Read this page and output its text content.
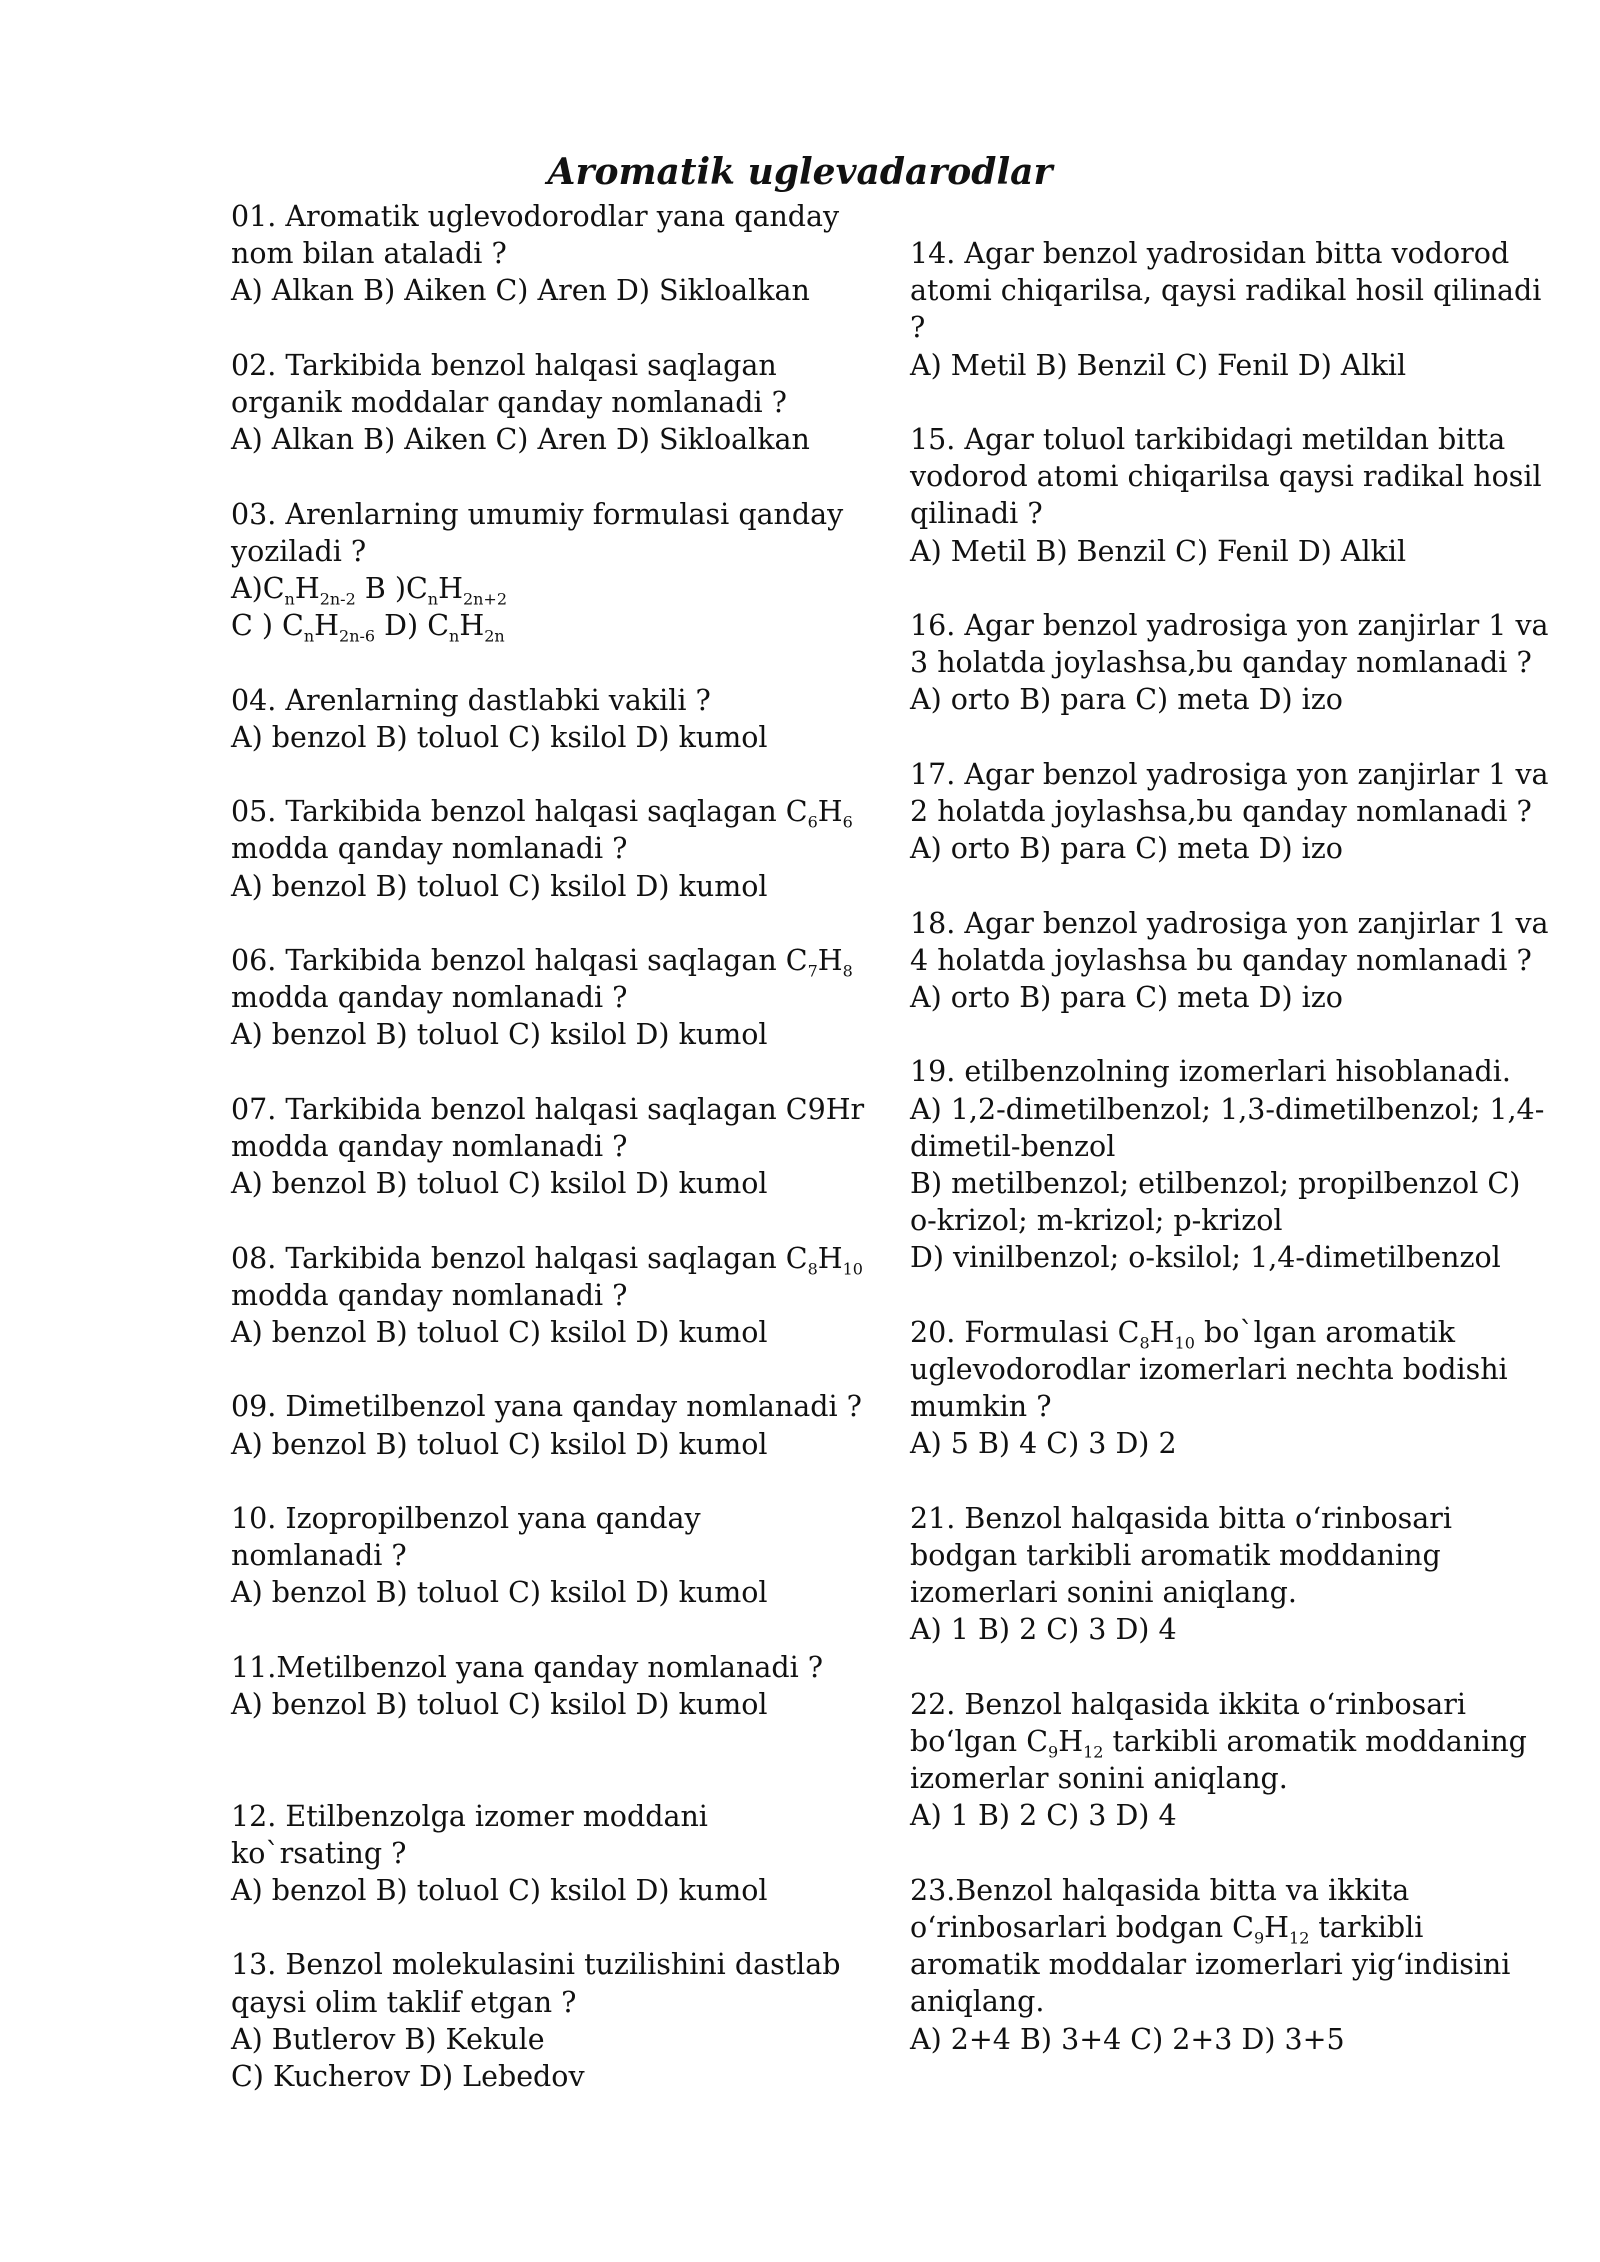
Aromatik uglevadarodlar
01. Aromatik uglevodorodlar yana qanday
nom bilan ataladi ?
A) Alkan B) Aiken C) Aren D) Sikloalkan
02. Tarkibida benzol halqasi saqlagan
organik moddalar qanday nomlanadi ?
A) Alkan B) Aiken C) Aren D) Sikloalkan
03. Arenlarning umumiy formulasi qanday
yoziladi ?
$A)C_nH_{2n-2}$ B )$C_nH_{2n+2}$
C ) $C_nH_{2n-6}$ D) $C_nH_{2n}$
04. Arenlarning dastlabki vakili ?
A) benzol B) toluol C) ksilol D) kumol
05. Tarkibida benzol halqasi saqlagan $C_6H_6$
modda qanday nomlanadi ?
A) benzol B) toluol C) ksilol D) kumol
06. Tarkibida benzol halqasi saqlagan $C_7H_8$
modda qanday nomlanadi ?
A) benzol B) toluol C) ksilol D) kumol
07. Tarkibida benzol halqasi saqlagan C9Hr
modda qanday nomlanadi ?
A) benzol B) toluol C) ksilol D) kumol
08. Tarkibida benzol halqasi saqlagan $C_8H_{10}$
modda qanday nomlanadi ?
A) benzol B) toluol C) ksilol D) kumol
09. Dimetilbenzol yana qanday nomlanadi ?
A) benzol B) toluol C) ksilol D) kumol
10. Izopropilbenzol yana qanday
nomlanadi ?
A) benzol B) toluol C) ksilol D) kumol
11.Metilbenzol yana qanday nomlanadi ?
A) benzol B) toluol C) ksilol D) kumol
12. Etilbenzolga izomer moddani
ko`rsating ?
A) benzol B) toluol C) ksilol D) kumol
13. Benzol molekulasini tuzilishini dastlab
qaysi olim taklif etgan ?
A) Butlerov B) Kekule
C) Kucherov D) Lebedov
14. Agar benzol yadrosidan bitta vodorod
atomi chiqarilsa, qaysi radikal hosil qilinadi
?
A) Metil B) Benzil C) Fenil D) Alkil
15. Agar toluol tarkibidagi metildan bitta
vodorod atomi chiqarilsa qaysi radikal hosil
qilinadi ?
A) Metil B) Benzil C) Fenil D) Alkil
16. Agar benzol yadrosiga yon zanjirlar 1 va
3 holatda joylashsa,bu qanday nomlanadi ?
A) orto B) para C) meta D) izo
17. Agar benzol yadrosiga yon zanjirlar 1 va
2 holatda joylashsa,bu qanday nomlanadi ?
A) orto B) para C) meta D) izo
18. Agar benzol yadrosiga yon zanjirlar 1 va
4 holatda joylashsa bu qanday nomlanadi ?
A) orto B) para C) meta D) izo
19. etilbenzolning izomerlari hisoblanadi.
A) 1,2-dimetilbenzol; 1,3-dimetilbenzol; 1,4-
dimetil-benzol
B) metilbenzol; etilbenzol; propilbenzol C)
o-krizol; m-krizol; p-krizol
D) vinilbenzol; o-ksilol; 1,4-dimetilbenzol
20. Formulasi $C_8H_{10}$ bo`lgan aromatik
uglevodorodlar izomerlari nechta bodishi
mumkin ?
A) 5 B) 4 C) 3 D) 2
21. Benzol halqasida bitta o‘rinbosari
bodgan tarkibli aromatik moddaning
izomerlari sonini aniqlang.
A) 1 B) 2 C) 3 D) 4
22. Benzol halqasida ikkita o‘rinbosari
bo‘lgan $C_9H_{12}$ tarkibli aromatik moddaning
izomerlar sonini aniqlang.
A) 1 B) 2 C) 3 D) 4
23.Benzol halqasida bitta va ikkita
o‘rinbosarlari bodgan $C_9H_{12}$ tarkibli
aromatik moddalar izomerlari yig‘indisini
aniqlang.
A) 2+4 B) 3+4 C) 2+3 D) 3+5
